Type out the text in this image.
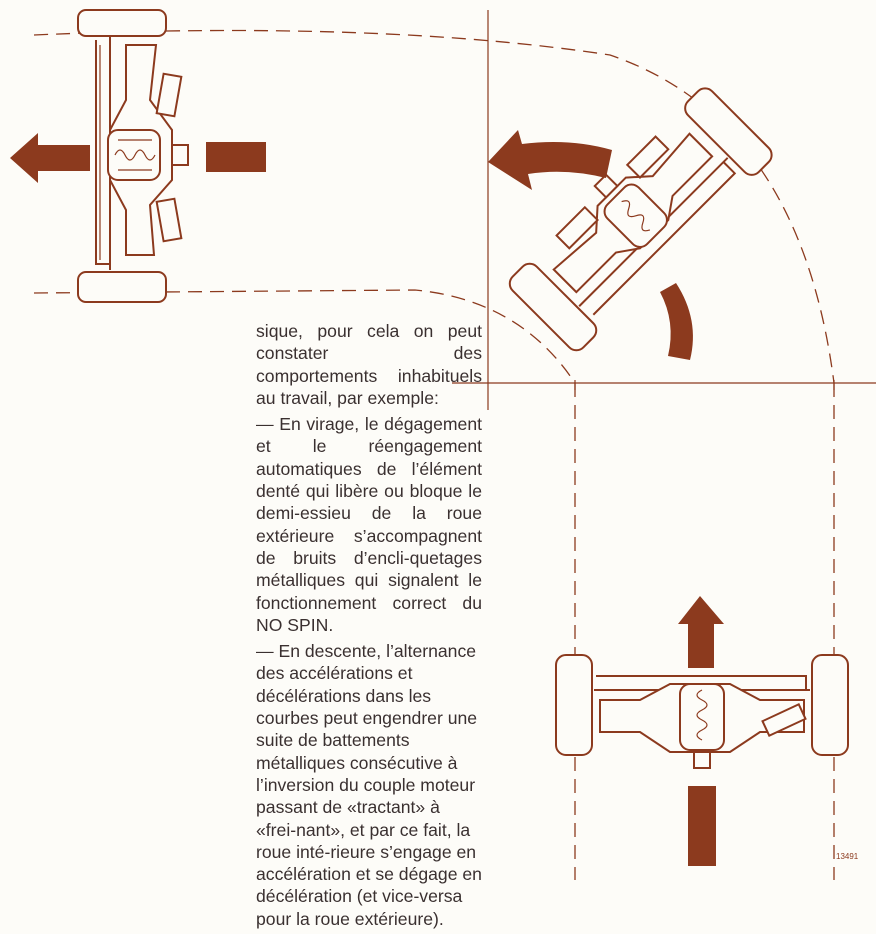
sique, pour cela on peut constater des comportements inhabituels au travail, par exemple:

— En virage, le dégagement et le réengagement automatiques de l’élément denté qui libère ou bloque le demi-essieu de la roue extérieure s’accompagnent de bruits d’encli-quetages métalliques qui signalent le fonctionnement correct du NO SPIN.

— En descente, l’alternance des accélérations et décélérations dans les courbes peut engendrer une suite de battements métalliques consécutive à l’inversion du couple moteur passant de «tractant» à «frei-nant», et par ce fait, la roue inté-rieure s’engage en accélération et se dégage en décélération (et vice-versa pour la roue extérieure).

13491
